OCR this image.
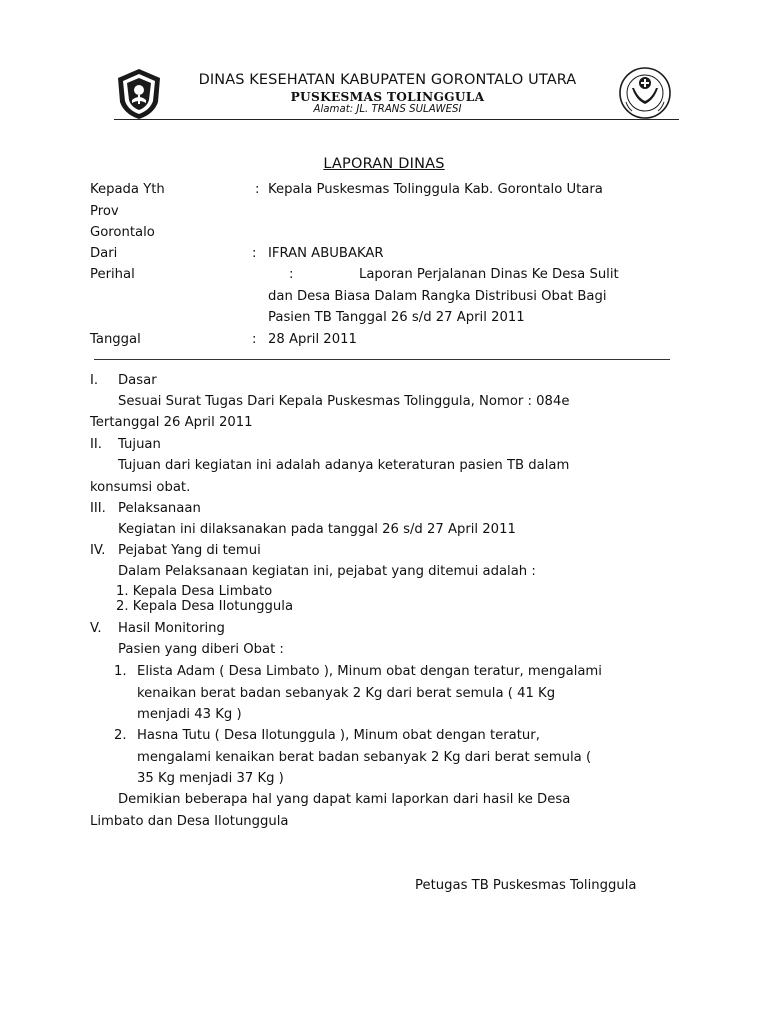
DINAS KESEHATAN KABUPATEN GORONTALO UTARA
PUSKESMAS TOLINGGULA
Alamat: JL. TRANS SULAWESI
LAPORAN DINAS
Kepada Yth	: Kepala Puskesmas Tolinggula Kab. Gorontalo Utara
Prov
Gorontalo
Dari	: IFRAN ABUBAKAR
Perihal	:	Laporan Perjalanan Dinas Ke Desa Sulit
dan Desa Biasa Dalam Rangka Distribusi Obat Bagi
Pasien TB Tanggal 26 s/d 27 April 2011
Tanggal	: 28 April 2011
I. Dasar
Sesuai Surat Tugas Dari Kepala Puskesmas Tolinggula, Nomor : 084e
Tertanggal 26 April 2011
II. Tujuan
Tujuan dari kegiatan ini adalah adanya keteraturan pasien TB dalam
konsumsi obat.
III. Pelaksanaan
Kegiatan ini dilaksanakan pada tanggal 26 s/d 27 April 2011
IV. Pejabat Yang di temui
Dalam Pelaksanaan kegiatan ini, pejabat yang ditemui adalah :
1. Kepala Desa Limbato
2. Kepala Desa Ilotunggula
V. Hasil Monitoring
Pasien yang diberi Obat :
1. Elista Adam ( Desa Limbato ), Minum obat dengan teratur, mengalami
kenaikan berat badan sebanyak 2 Kg dari berat semula ( 41 Kg
menjadi 43 Kg )
2. Hasna Tutu ( Desa Ilotunggula ), Minum obat dengan teratur,
mengalami kenaikan berat badan sebanyak 2 Kg dari berat semula (
35 Kg menjadi 37 Kg )
Demikian beberapa hal yang dapat kami laporkan dari hasil ke Desa
Limbato dan Desa Ilotunggula
Petugas TB Puskesmas Tolinggula
